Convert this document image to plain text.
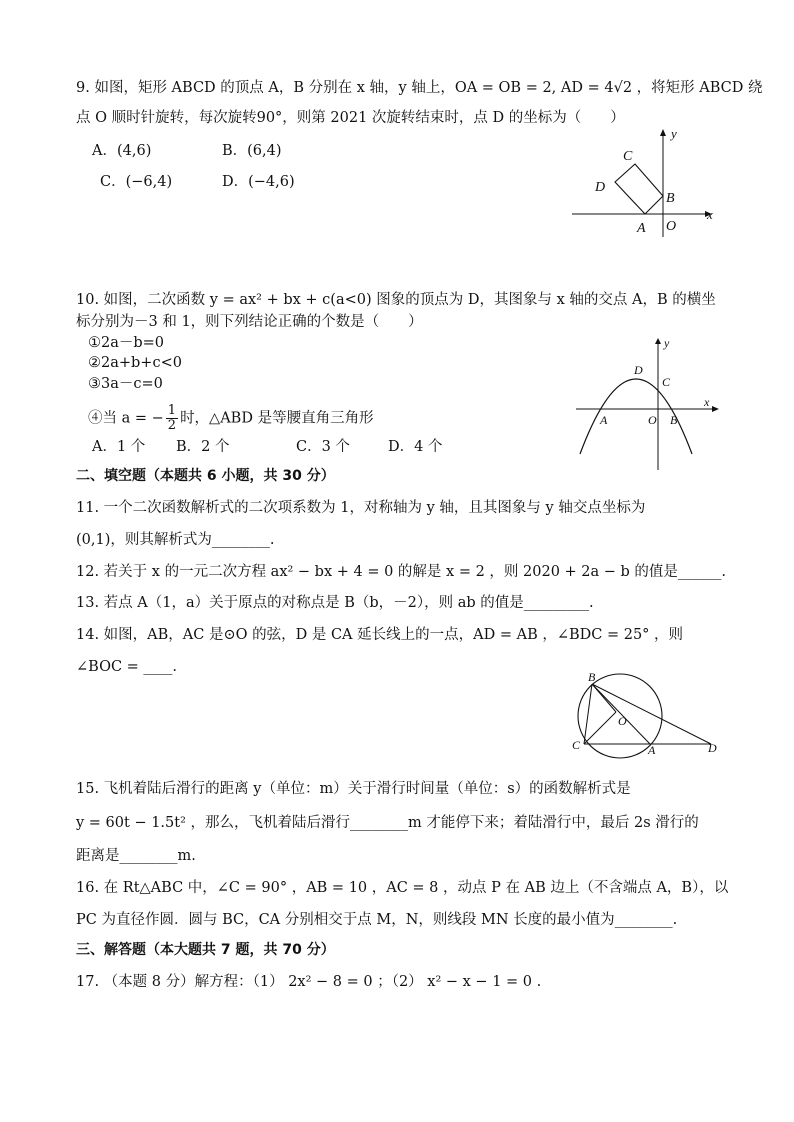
9. 如图，矩形 ABCD 的顶点 A，B 分别在 x 轴，y 轴上，OA = OB = 2, AD = 4√2 ，将矩形 ABCD 绕
点 O 顺时针旋转，每次旋转90°，则第 2021 次旋转结束时，点 D 的坐标为（　　）
A．(4,6)	B．(6,4)
C．(−6,4)	D．(−4,6)
C
D
B
A O
x
y
10. 如图，二次函数 y = ax² + bx + c(a<0) 图象的顶点为 D，其图象与 x 轴的交点 A，B 的横坐
标分别为－3 和 1，则下列结论正确的个数是（　　）
①2a－b=0
②2a+b+c<0
③3a－c=0
④当 a = − $\frac{1}{2}$ 时，△ABD 是等腰直角三角形
A．1 个 B．2 个	C．3 个	D．4 个
y
D
C
x
A	O B
二、填空题（本题共 6 小题，共 30 分）
11. 一个二次函数解析式的二次项系数为 1，对称轴为 y 轴，且其图象与 y 轴交点坐标为
(0,1)，则其解析式为________.
12. 若关于 x 的一元二次方程 ax² − bx + 4 = 0 的解是 x = 2 ，则 2020 + 2a − b 的值是______.
13. 若点 A（1，a）关于原点的对称点是 B（b，－2），则 ab 的值是_________.
14. 如图，AB，AC 是⊙O 的弦，D 是 CA 延长线上的一点，AD = AB ，∠BDC = 25° ，则
∠BOC = ____.
B
O
C	A	D
15. 飞机着陆后滑行的距离 y（单位：m）关于滑行时间量（单位：s）的函数解析式是
y = 60t − 1.5t² ，那么，飞机着陆后滑行________m 才能停下来；着陆滑行中，最后 2s 滑行的
距离是________m.
16. 在 Rt△ABC 中，∠C = 90° ，AB = 10 ，AC = 8 ，动点 P 在 AB 边上（不含端点 A，B），以
PC 为直径作圆．圆与 BC，CA 分别相交于点 M，N，则线段 MN 长度的最小值为________.
三、解答题（本大题共 7 题，共 70 分）
17. （本题 8 分）解方程：（1） 2x² − 8 = 0 ；（2） x² − x − 1 = 0 .
